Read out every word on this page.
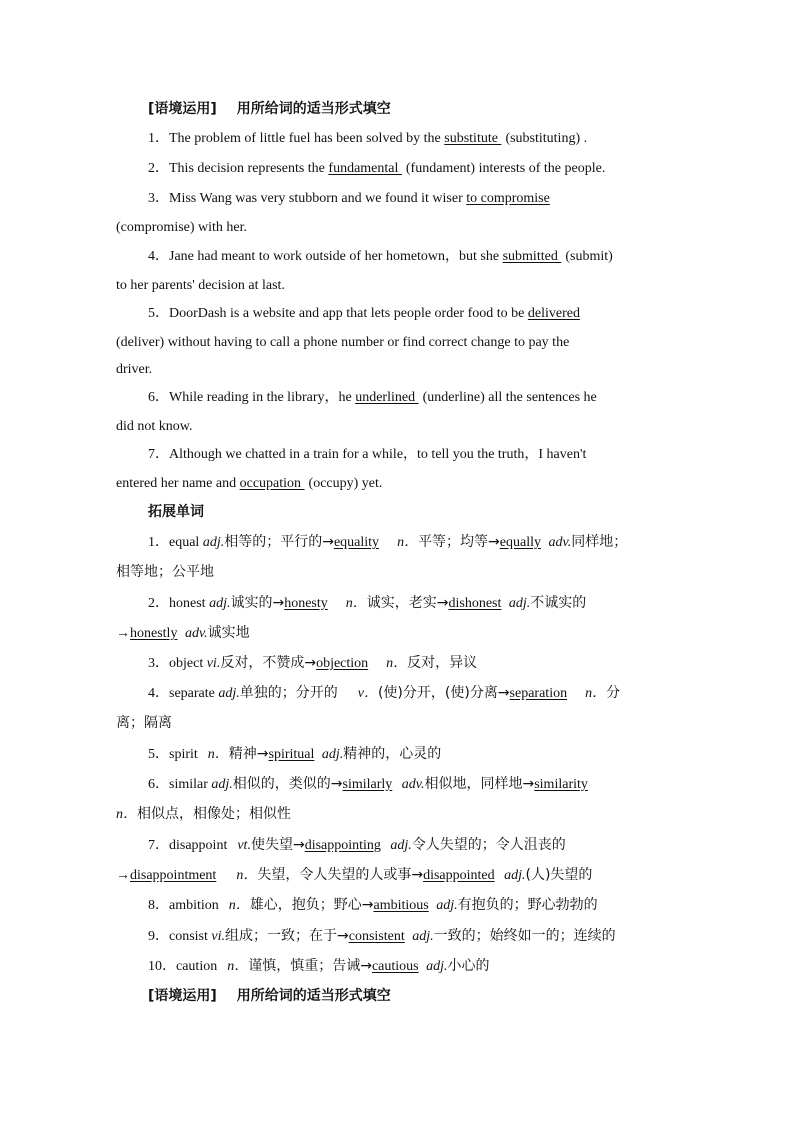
[语境运用] 用所给词的适当形式填空
1．The problem of little fuel has been solved by the substitute (substituting) .
2．This decision represents the fundamental (fundament) interests of the people.
3．Miss Wang was very stubborn and we found it wiser to compromise
(compromise) with her.
4．Jane had meant to work outside of her hometown，but she submitted (submit)
to her parents' decision at last.
5．DoorDash is a website and app that lets people order food to be delivered
(deliver) without having to call a phone number or find correct change to pay the
driver.
6．While reading in the library，he underlined (underline) all the sentences he
did not know.
7．Although we chatted in a train for a while，to tell you the truth，I haven't
entered her name and occupation (occupy) yet.
拓展单词
1．equal adj.相等的；平行的→equality n．平等；均等→equally adv.同样地；
相等地；公平地
2．honest adj.诚实的→honesty n．诚实，老实→dishonest adj.不诚实的
→honestly adv.诚实地
3．object vi.反对，不赞成→objection n．反对，异议
4．separate adj.单独的；分开的 v．(使)分开，(使)分离→separation n．分
离；隔离
5．spirit n．精神→spiritual adj.精神的，心灵的
6．similar adj.相似的，类似的→similarly adv.相似地，同样地→similarity
n．相似点，相像处；相似性
7．disappoint vt.使失望→disappointing adj.令人失望的；令人沮丧的
→disappointment n．失望，令人失望的人或事→disappointed adj.(人)失望的
8．ambition n．雄心，抱负；野心→ambitious adj.有抱负的；野心勃勃的
9．consist vi.组成；一致；在于→consistent adj.一致的；始终如一的；连续的
10．caution n．谨慎，慎重；告诫→cautious adj.小心的
[语境运用] 用所给词的适当形式填空
